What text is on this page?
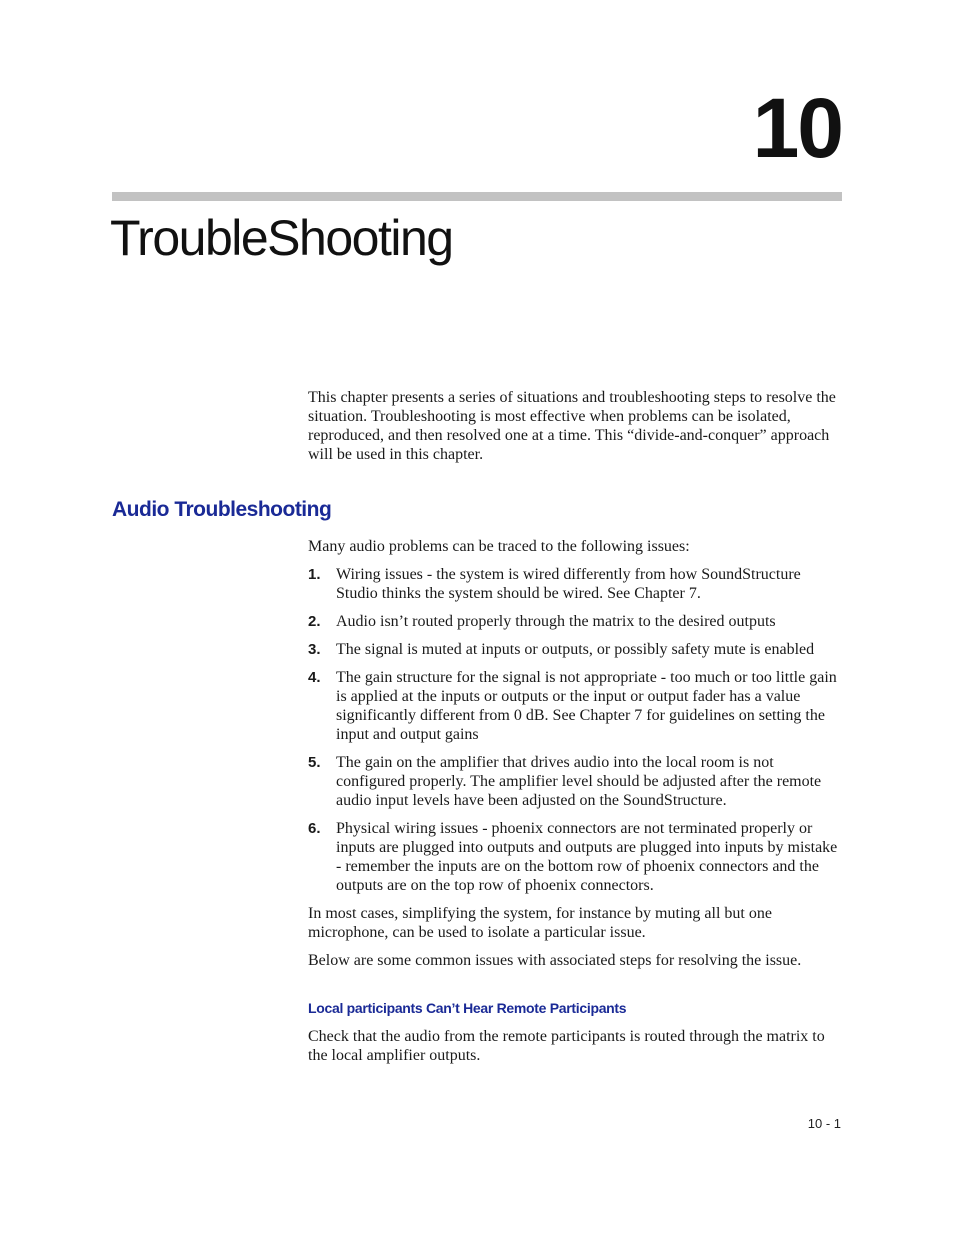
10
TroubleShooting

This chapter presents a series of situations and troubleshooting steps to resolve the situation. Troubleshooting is most effective when problems can be isolated, reproduced, and then resolved one at a time. This “divide-and-conquer” approach will be used in this chapter.

Audio Troubleshooting

Many audio problems can be traced to the following issues:

1. Wiring issues - the system is wired differently from how SoundStructure Studio thinks the system should be wired. See Chapter 7.
2. Audio isn’t routed properly through the matrix to the desired outputs
3. The signal is muted at inputs or outputs, or possibly safety mute is enabled
4. The gain structure for the signal is not appropriate - too much or too little gain is applied at the inputs or outputs or the input or output fader has a value significantly different from 0 dB. See Chapter 7 for guidelines on setting the input and output gains
5. The gain on the amplifier that drives audio into the local room is not configured properly. The amplifier level should be adjusted after the remote audio input levels have been adjusted on the SoundStructure.
6. Physical wiring issues - phoenix connectors are not terminated properly or inputs are plugged into outputs and outputs are plugged into inputs by mistake - remember the inputs are on the bottom row of phoenix connectors and the outputs are on the top row of phoenix connectors.

In most cases, simplifying the system, for instance by muting all but one microphone, can be used to isolate a particular issue.

Below are some common issues with associated steps for resolving the issue.

Local participants Can’t Hear Remote Participants

Check that the audio from the remote participants is routed through the matrix to the local amplifier outputs.

10 - 1
